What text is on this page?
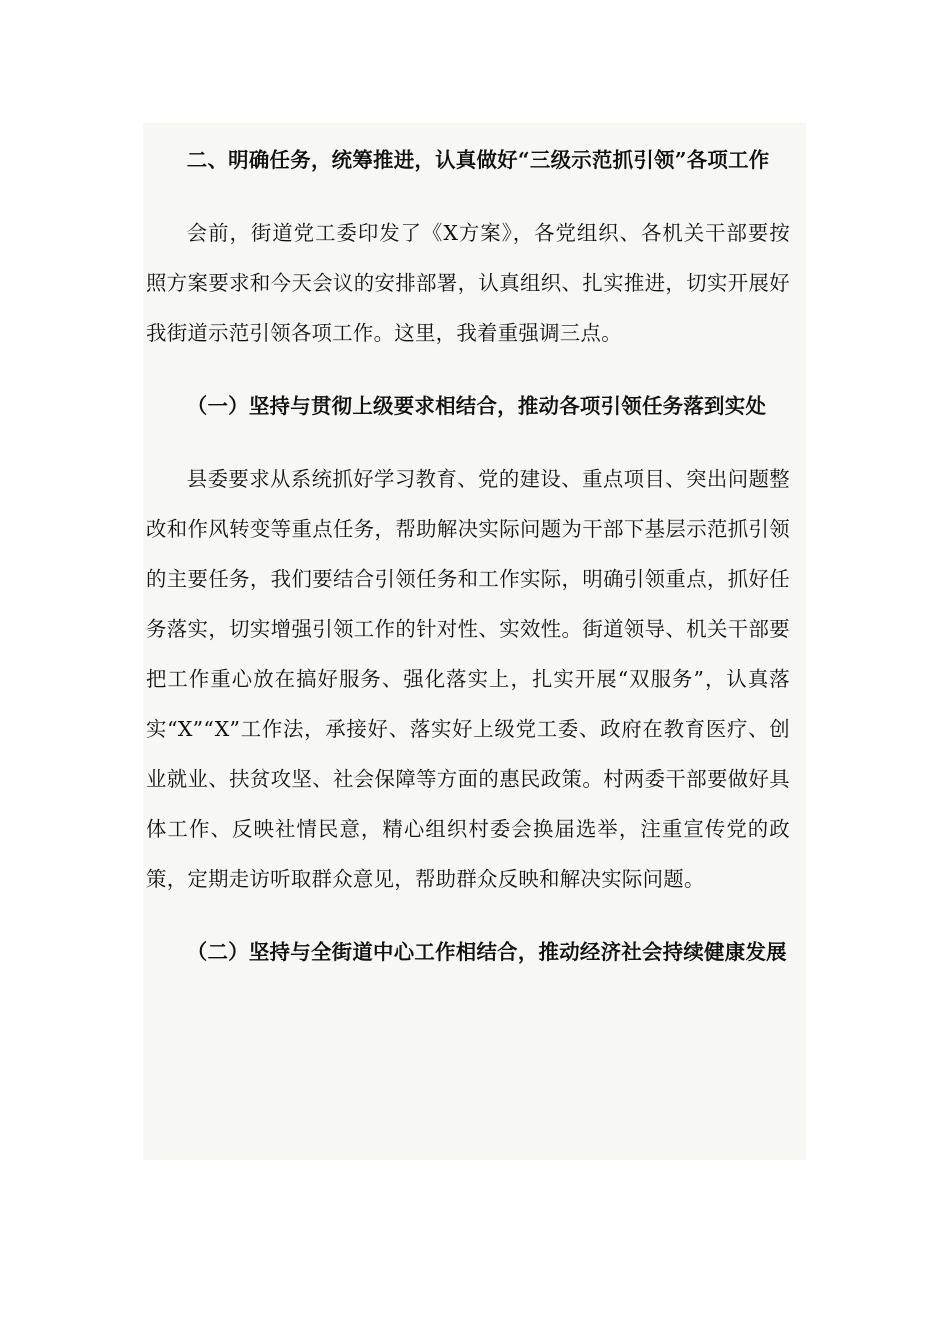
二、明确任务，统筹推进，认真做好“三级示范抓引领”各项工作

会前，街道党工委印发了《X方案》，各党组织、各机关干部要按照方案要求和今天会议的安排部署，认真组织、扎实推进，切实开展好我街道示范引领各项工作。这里，我着重强调三点。

（一）坚持与贯彻上级要求相结合，推动各项引领任务落到实处

县委要求从系统抓好学习教育、党的建设、重点项目、突出问题整改和作风转变等重点任务，帮助解决实际问题为干部下基层示范抓引领的主要任务，我们要结合引领任务和工作实际，明确引领重点，抓好任务落实，切实增强引领工作的针对性、实效性。街道领导、机关干部要把工作重心放在搞好服务、强化落实上，扎实开展“双服务”，认真落实“X”“X”工作法，承接好、落实好上级党工委、政府在教育医疗、创业就业、扶贫攻坚、社会保障等方面的惠民政策。村两委干部要做好具体工作、反映社情民意，精心组织村委会换届选举，注重宣传党的政策，定期走访听取群众意见，帮助群众反映和解决实际问题。

（二）坚持与全街道中心工作相结合，推动经济社会持续健康发展
